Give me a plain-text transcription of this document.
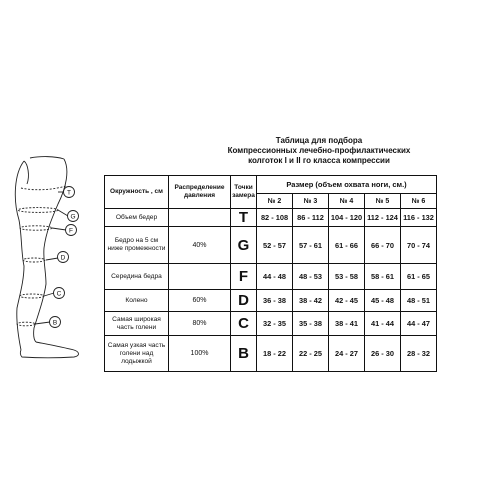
T
G
F
D
C
B
Таблица для подбора
Компрессионных лечебно-профилактических
колготок I и II го класса компрессии
Окружность , см	Распределение давления	Точки замера	Размер (объем охвата ноги, см.)				
			№ 2	№ 3	№ 4	№ 5	№ 6
Объем бедер		T	82 - 108	86 - 112	104 - 120	112 - 124	116 - 132
Бедро на 5 см ниже промежности	40%	G	52 - 57	57 - 61	61 - 66	66 - 70	70 - 74
Середина бедра		F	44 - 48	48 - 53	53 - 58	58 - 61	61 - 65
Колено	60%	D	36 - 38	38 - 42	42 - 45	45 - 48	48 - 51
Самая широкая часть голени	80%	C	32 - 35	35 - 38	38 - 41	41 - 44	44 - 47
Самая узкая часть голени над лодыжкой	100%	B	18 - 22	22 - 25	24 - 27	26 - 30	28 - 32
